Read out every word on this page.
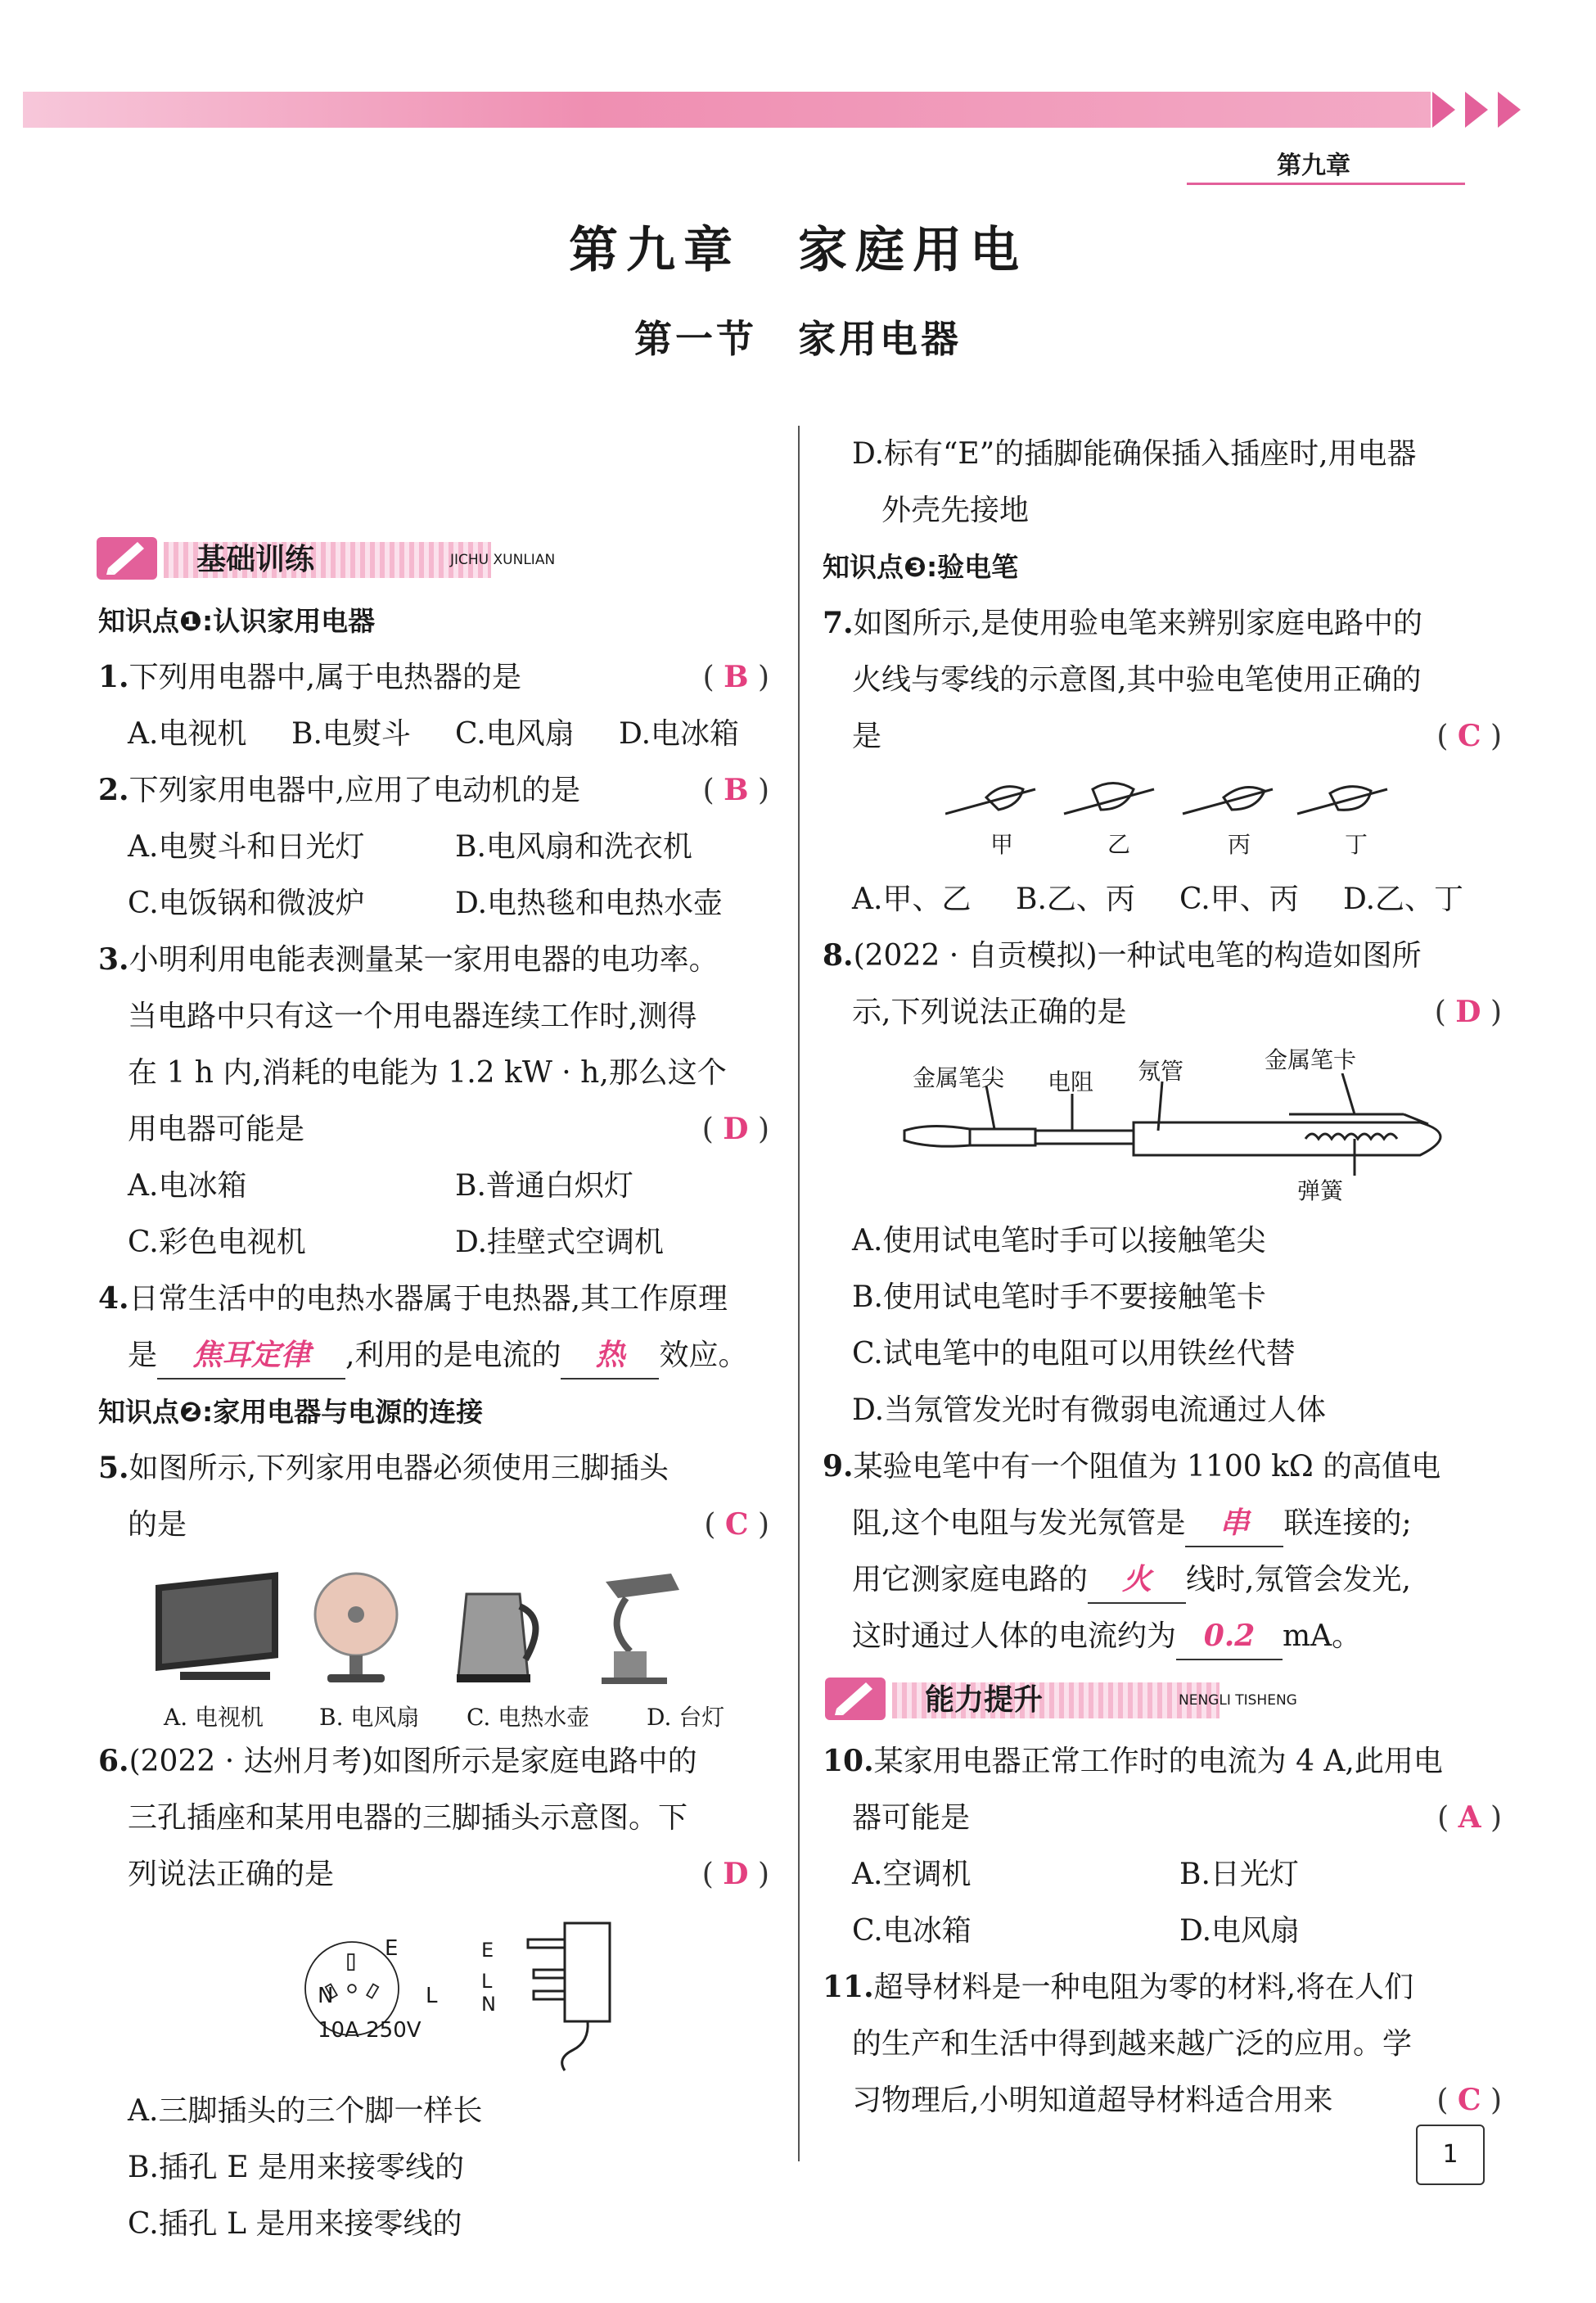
第九章
第九章　家庭用电
第一节　家用电器
基础训练	JICHU XUNLIAN
知识点❶:认识家用电器
1.下列用电器中,属于电热器的是	( B )
A.电视机 B.电熨斗 C.电风扇 D.电冰箱
2.下列家用电器中,应用了电动机的是	( B )
A.电熨斗和日光灯	B.电风扇和洗衣机
C.电饭锅和微波炉	D.电热毯和电热水壶
3.小明利用电能表测量某一家用电器的电功率。
当电路中只有这一个用电器连续工作时,测得
在 1 h 内,消耗的电能为 1.2 kW · h,那么这个
用电器可能是	( D )
A.电冰箱	B.普通白炽灯
C.彩色电视机	D.挂壁式空调机
4.日常生活中的电热水器属于电热器,其工作原理
是 焦耳定律 ,利用的是电流的 热 效应。
知识点❷:家用电器与电源的连接
5.如图所示,下列家用电器必须使用三脚插头
的是	( C )
A. 电视机 B. 电风扇 C. 电热水壶 D. 台灯
6.(2022 · 达州月考)如图所示是家庭电路中的
三孔插座和某用电器的三脚插头示意图。下
列说法正确的是	( D )
E
N	L
10A 250V
E
L
N
A.三脚插头的三个脚一样长
B.插孔 E 是用来接零线的
C.插孔 L 是用来接零线的
D.标有“E”的插脚能确保插入插座时,用电器
外壳先接地
知识点❸:验电笔
7.如图所示,是使用验电笔来辨别家庭电路中的
火线与零线的示意图,其中验电笔使用正确的
是	( C )
甲	乙	丙	丁
A.甲、乙 B.乙、丙 C.甲、丙 D.乙、丁
8.(2022 · 自贡模拟)一种试电笔的构造如图所
示,下列说法正确的是	( D )
金属笔尖 电阻 氖管	金属笔卡
弹簧
A.使用试电笔时手可以接触笔尖
B.使用试电笔时手不要接触笔卡
C.试电笔中的电阻可以用铁丝代替
D.当氖管发光时有微弱电流通过人体
9.某验电笔中有一个阻值为 1100 kΩ 的高值电
阻,这个电阻与发光氖管是 串 联连接的;
用它测家庭电路的 火 线时,氖管会发光,
这时通过人体的电流约为 0.2 mA。
能力提升	NENGLI TISHENG
10.某家用电器正常工作时的电流为 4 A,此用电
器可能是	( A )
A.空调机	B.日光灯
C.电冰箱	D.电风扇
11.超导材料是一种电阻为零的材料,将在人们
的生产和生活中得到越来越广泛的应用。学
习物理后,小明知道超导材料适合用来	( C )
1
